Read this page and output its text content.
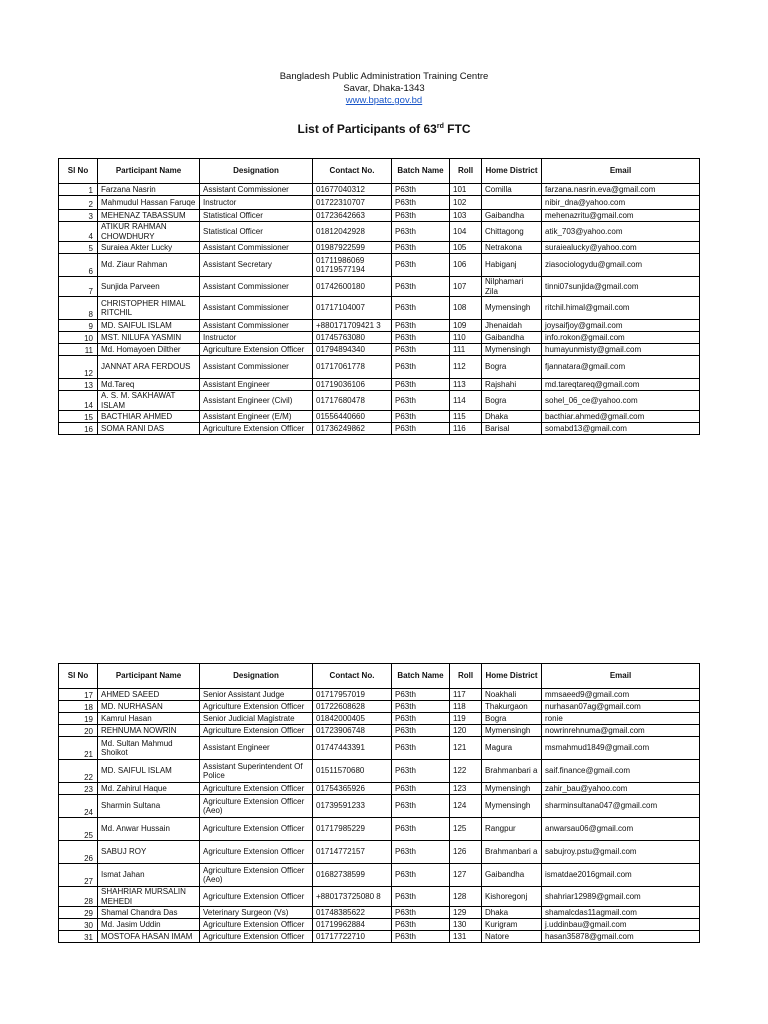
Bangladesh Public Administration Training Centre
Savar, Dhaka-1343
www.bpatc.gov.bd
List of Participants of 63rd FTC
Sl No	Participant Name	Designation	Contact No.	Batch Name	Roll	Home District	Email
1	Farzana Nasrin	Assistant Commissioner	01677040312	P63th	101	Comilla	farzana.nasrin.eva@gmail.com
2	Mahmudul Hassan Faruqe	Instructor	01722310707	P63th	102		nibir_dna@yahoo.com
3	MEHENAZ TABASSUM	Statistical Officer	01723642663	P63th	103	Gaibandha	mehenazritu@gmail.com
4	ATIKUR RAHMAN CHOWDHURY	Statistical Officer	01812042928	P63th	104	Chittagong	atik_703@yahoo.com
5	Suraiea Akter Lucky	Assistant Commissioner	01987922599	P63th	105	Netrakona	suraiealucky@yahoo.com
6	Md. Ziaur Rahman	Assistant Secretary	01711986069 01719577194	P63th	106	Habiganj	ziasociologydu@gmail.com
7	Sunjida Parveen	Assistant Commissioner	01742600180	P63th	107	Nilphamari Zila	tinni07sunjida@gmail.com
8	CHRISTOPHER HIMAL RITCHIL	Assistant Commissioner	01717104007	P63th	108	Mymensingh	ritchil.himal@gmail.com
9	MD. SAIFUL ISLAM	Assistant Commissioner	+880171709421 3	P63th	109	Jhenaidah	joysaifjoy@gmail.com
10	MST. NILUFA YASMIN	Instructor	01745763080	P63th	110	Gaibandha	info.rokon@gmail.com
11	Md. Homayoen Dilther	Agriculture Extension Officer	01794894340	P63th	111	Mymensingh	humayunmisty@gmail.com
12	JANNAT ARA FERDOUS	Assistant Commissioner	01717061778	P63th	112	Bogra	fjannatara@gmail.com
13	Md.Tareq	Assistant Engineer	01719036106	P63th	113	Rajshahi	md.tareqtareq@gmail.com
14	A. S. M. SAKHAWAT ISLAM	Assistant Engineer (Civil)	01717680478	P63th	114	Bogra	sohel_06_ce@yahoo.com
15	BACTHIAR AHMED	Assistant Engineer (E/M)	01556440660	P63th	115	Dhaka	bacthiar.ahmed@gmail.com
16	SOMA RANI DAS	Agriculture Extension Officer	01736249862	P63th	116	Barisal	somabd13@gmail.com
Sl No	Participant Name	Designation	Contact No.	Batch Name	Roll	Home District	Email
17	AHMED SAEED	Senior Assistant Judge	01717957019	P63th	117	Noakhali	mmsaeed9@gmail.com
18	MD. NURHASAN	Agriculture Extension Officer	01722608628	P63th	118	Thakurgaon	nurhasan07ag@gmail.com
19	Kamrul Hasan	Senior Judicial Magistrate	01842000405	P63th	119	Bogra	ronie
20	REHNUMA NOWRIN	Agriculture Extension Officer	01723906748	P63th	120	Mymensingh	nowrinrehnuma@gmail.com
21	Md. Sultan Mahmud Shoikot	Assistant Engineer	01747443391	P63th	121	Magura	msmahmud1849@gmail.com
22	MD. SAIFUL ISLAM	Assistant Superintendent Of Police	01511570680	P63th	122	Brahmanbari a	saif.finance@gmail.com
23	Md. Zahirul Haque	Agriculture Extension Officer	01754365926	P63th	123	Mymensingh	zahir_bau@yahoo.com
24	Sharmin Sultana	Agriculture Extension Officer (Aeo)	01739591233	P63th	124	Mymensingh	sharminsultana047@gmail.com
25	Md. Anwar Hussain	Agriculture Extension Officer	01717985229	P63th	125	Rangpur	anwarsau06@gmail.com
26	SABUJ ROY	Agriculture Extension Officer	01714772157	P63th	126	Brahmanbari a	sabujroy.pstu@gmail.com
27	Ismat Jahan	Agriculture Extension Officer (Aeo)	01682738599	P63th	127	Gaibandha	ismatdae2016gmail.com
28	SHAHRIAR MURSALIN MEHEDI	Agriculture Extension Officer	+880173725080 8	P63th	128	Kishoregonj	shahriar12989@gmail.com
29	Shamal Chandra Das	Veterinary Surgeon (Vs)	01748385622	P63th	129	Dhaka	shamalcdas11agmail.com
30	Md. Jasim Uddin	Agriculture Extension Officer	01719962884	P63th	130	Kurigram	j.uddinbau@gmail.com
31	MOSTOFA HASAN IMAM	Agriculture Extension Officer	01717722710	P63th	131	Natore	hasan35878@gmail.com
